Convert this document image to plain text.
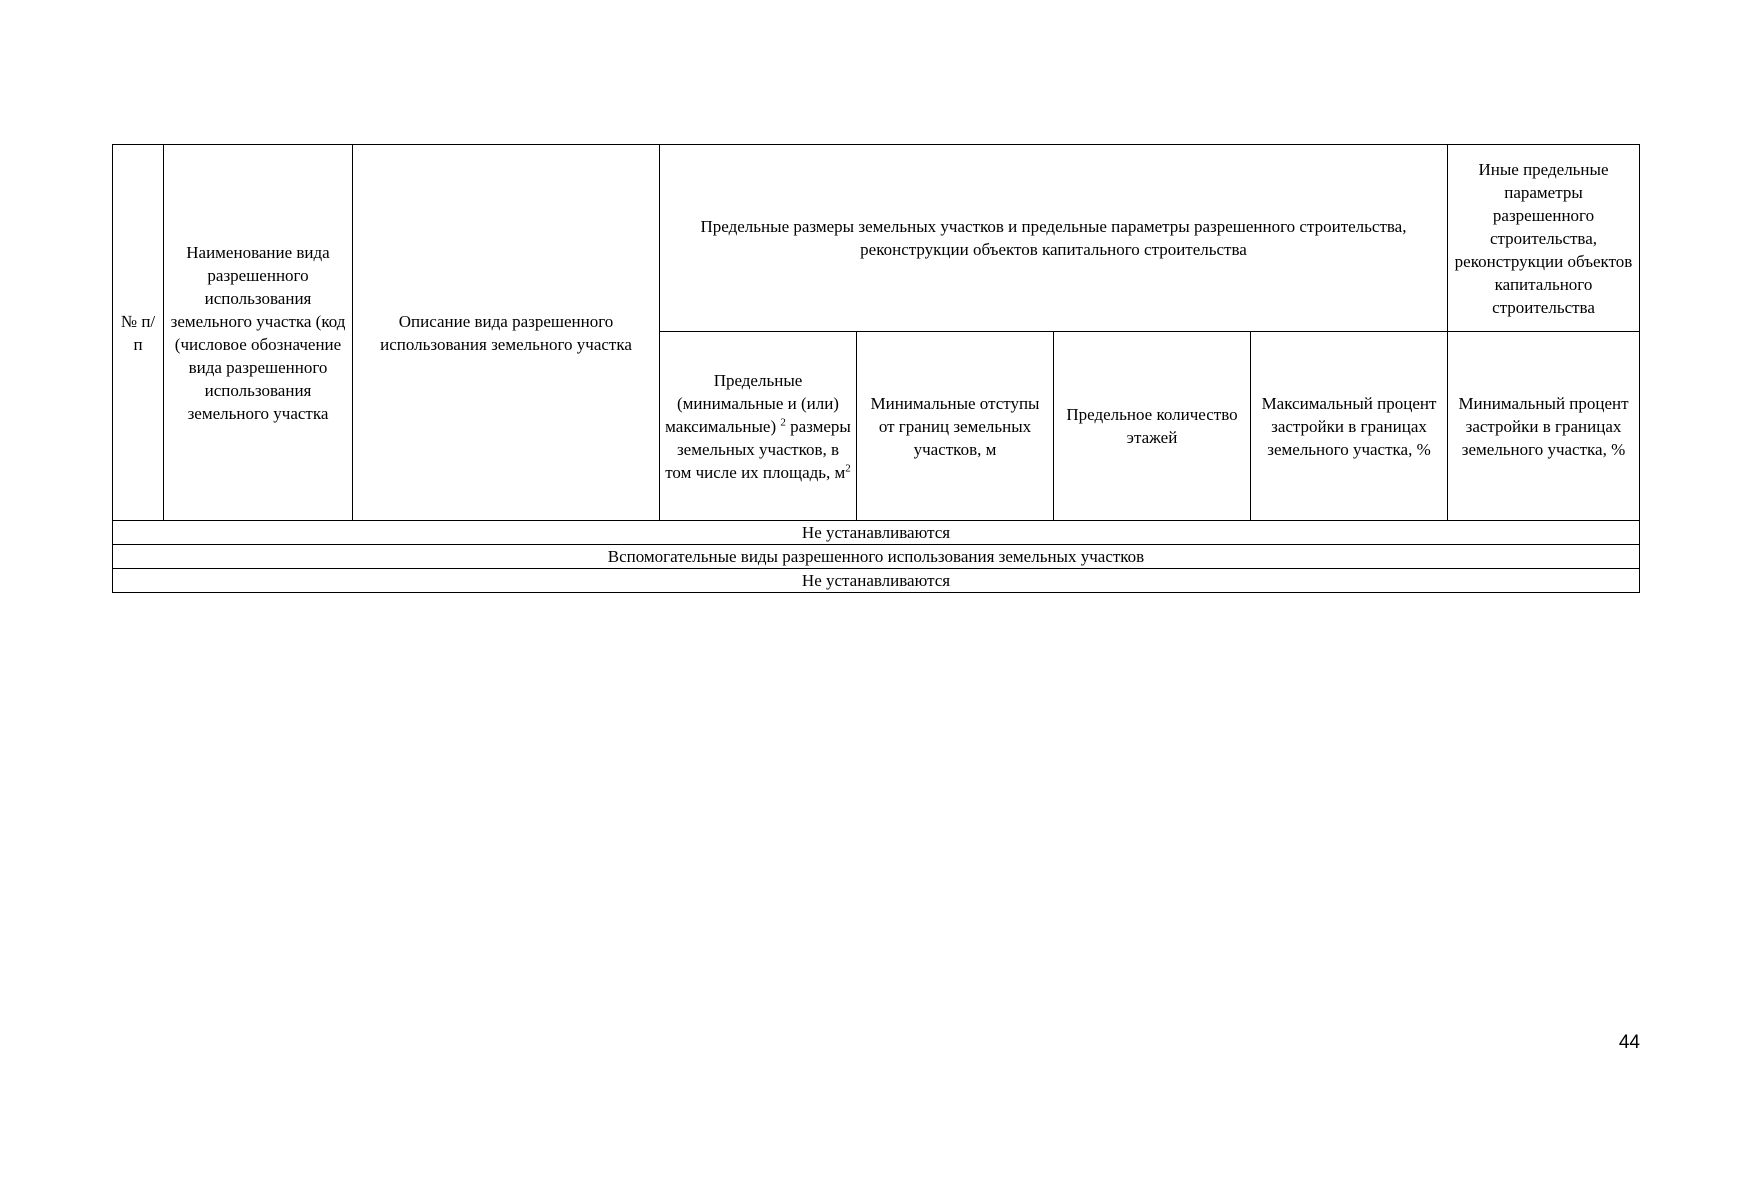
№ п/п	Наименование вида разрешенного использования земельного участка (код (числовое обозначение вида разрешенного использования земельного участка	Описание вида разрешенного использования земельного участка	Предельные размеры земельных участков и предельные параметры разрешенного строительства, реконструкции объектов капитального строительства				Иные предельные параметры разрешенного строительства, реконструкции объектов капитального строительства
			Предельные (минимальные и (или) максимальные) $^2$ размеры земельных участков, в том числе их площадь, $м^2$	Минимальные отступы от границ земельных участков, м	Предельное количество этажей	Максимальный процент застройки в границах земельного участка, %	Минимальный процент застройки в границах земельного участка, %
Не устанавливаются							
Вспомогательные виды разрешенного использования земельных участков							
Не устанавливаются							
44
